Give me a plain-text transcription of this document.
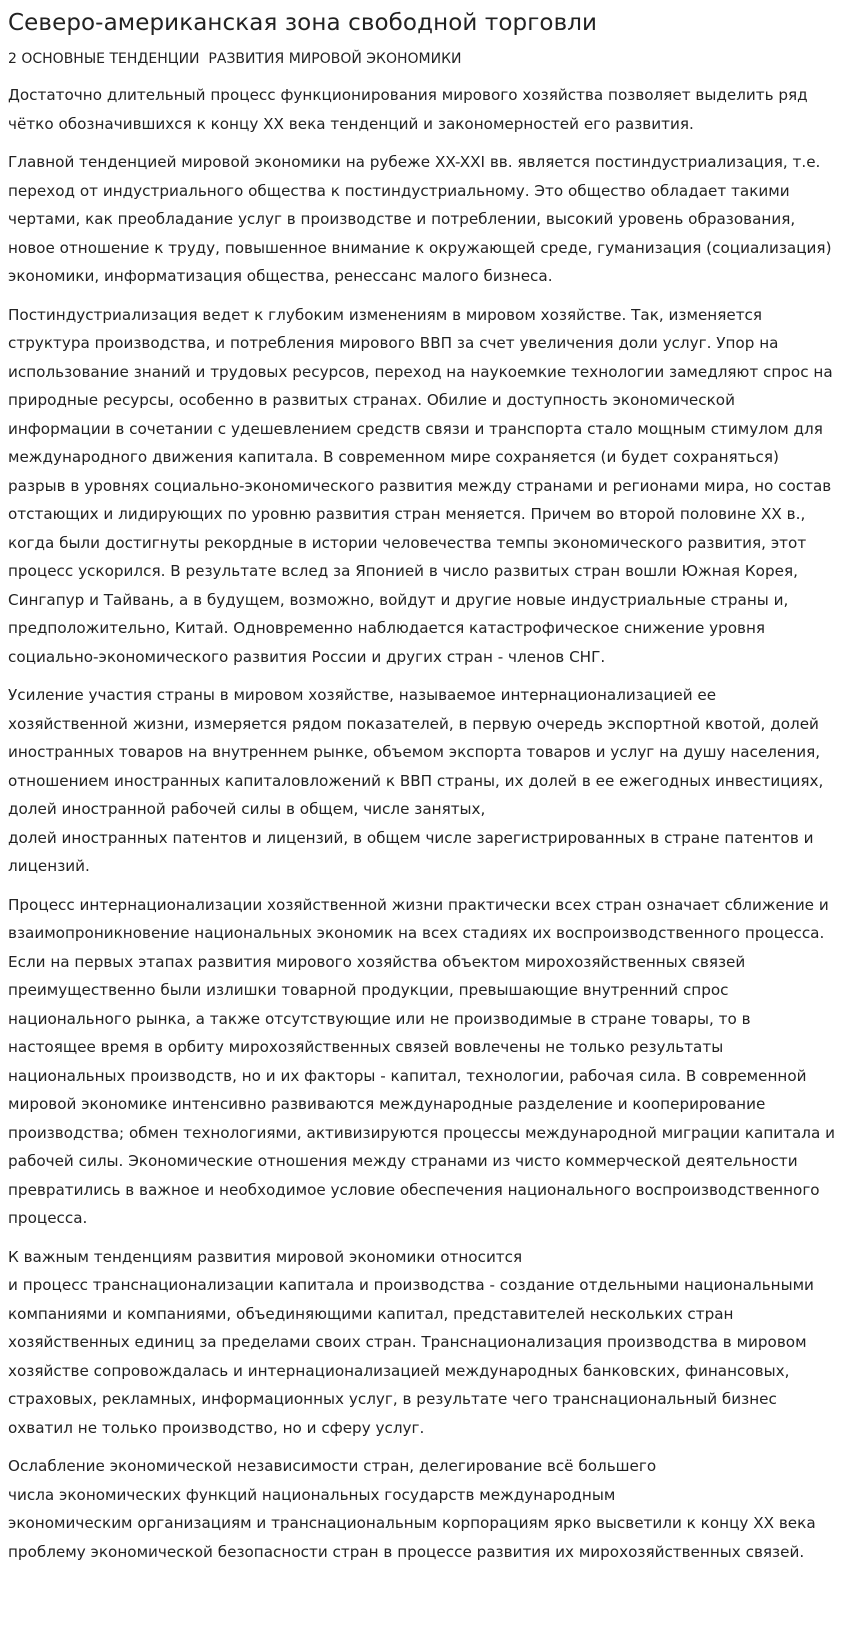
Северо-американская зона свободной торговли
2 ОСНОВНЫЕ ТЕНДЕНЦИИ  РАЗВИТИЯ МИРОВОЙ ЭКОНОМИКИ

Достаточно длительный процесс функционирования мирового хозяйства позволяет выделить ряд чётко обозначившихся к концу XX века тенденций и закономерностей его развития.

Главной тенденцией мировой экономики на рубеже XX-XXI вв. является постиндустриализация, т.е. переход от индустриального общества к постиндустриальному. Это общество обладает такими чертами, как преобладание услуг в производстве и потреблении, высокий уровень образования, новое отношение к труду, повышенное внимание к окружающей среде, гуманизация (социализация) экономики, информатизация общества, ренессанс малого бизнеса.

Постиндустриализация ведет к глубоким изменениям в мировом хозяйстве. Так, изменяется структура производства, и потребления мирового ВВП за счет увеличения доли услуг. Упор на использование знаний и трудовых ресурсов, переход на наукоемкие технологии замедляют спрос на природные ресурсы, особенно в развитых странах. Обилие и доступность экономической информации в сочетании с удешевлением средств связи и транспорта стало мощным стимулом для международного движения капитала. В современном мире сохраняется (и будет сохраняться) разрыв в уровнях социально-экономического развития между странами и регионами мира, но состав отстающих и лидирующих по уровню развития стран меняется. Причем во второй половине XX в., когда были достигнуты рекордные в истории человечества темпы экономического развития, этот процесс ускорился. В результате вслед за Японией в число развитых стран вошли Южная Корея, Сингапур и Тайвань, а в будущем, возможно, войдут и другие новые индустриальные страны и, предположительно, Китай. Одновременно наблюдается катастрофическое снижение уровня социально-экономического развития России и других стран - членов СНГ.

Усиление участия страны в мировом хозяйстве, называемое интернационализацией ее хозяйственной жизни, измеряется рядом показателей, в первую очередь экспортной квотой, долей иностранных товаров на внутреннем рынке, объемом экспорта товаров и услуг на душу населения, отношением иностранных капиталовложений к ВВП страны, их долей в ее ежегодных инвестициях, долей иностранной рабочей силы в общем, числе занятых,
долей иностранных патентов и лицензий, в общем числе зарегистрированных в стране патентов и лицензий.

Процесс интернационализации хозяйственной жизни практически всех стран означает сближение и взаимопроникновение национальных экономик на всех стадиях их воспроизводственного процесса. Если на первых этапах развития мирового хозяйства объектом мирохозяйственных связей преимущественно были излишки товарной продукции, превышающие внутренний спрос национального рынка, а также отсутствующие или не производимые в стране товары, то в настоящее время в орбиту мирохозяйственных связей вовлечены не только результаты национальных производств, но и их факторы - капитал, технологии, рабочая сила. В современной мировой экономике интенсивно развиваются международные разделение и кооперирование производства; обмен технологиями, активизируются процессы международной миграции капитала и рабочей силы. Экономические отношения между странами из чисто коммерческой деятельности превратились в важное и необходимое условие обеспечения национального воспроизводственного процесса.

К важным тенденциям развития мировой экономики относится
и процесс транснационализации капитала и производства - создание отдельными национальными компаниями и компаниями, объединяющими капитал, представителей нескольких стран хозяйственных единиц за пределами своих стран. Транснационализация производства в мировом хозяйстве сопровождалась и интернационализацией международных банковских, финансовых, страховых, рекламных, информационных услуг, в результате чего транснациональный бизнес охватил не только производство, но и сферу услуг.

Ослабление экономической независимости стран, делегирование всё большего
числа экономических функций национальных государств международным
экономическим организациям и транснациональным корпорациям ярко высветили к концу XX века проблему экономической безопасности стран в процессе развития их мирохозяйственных связей.
